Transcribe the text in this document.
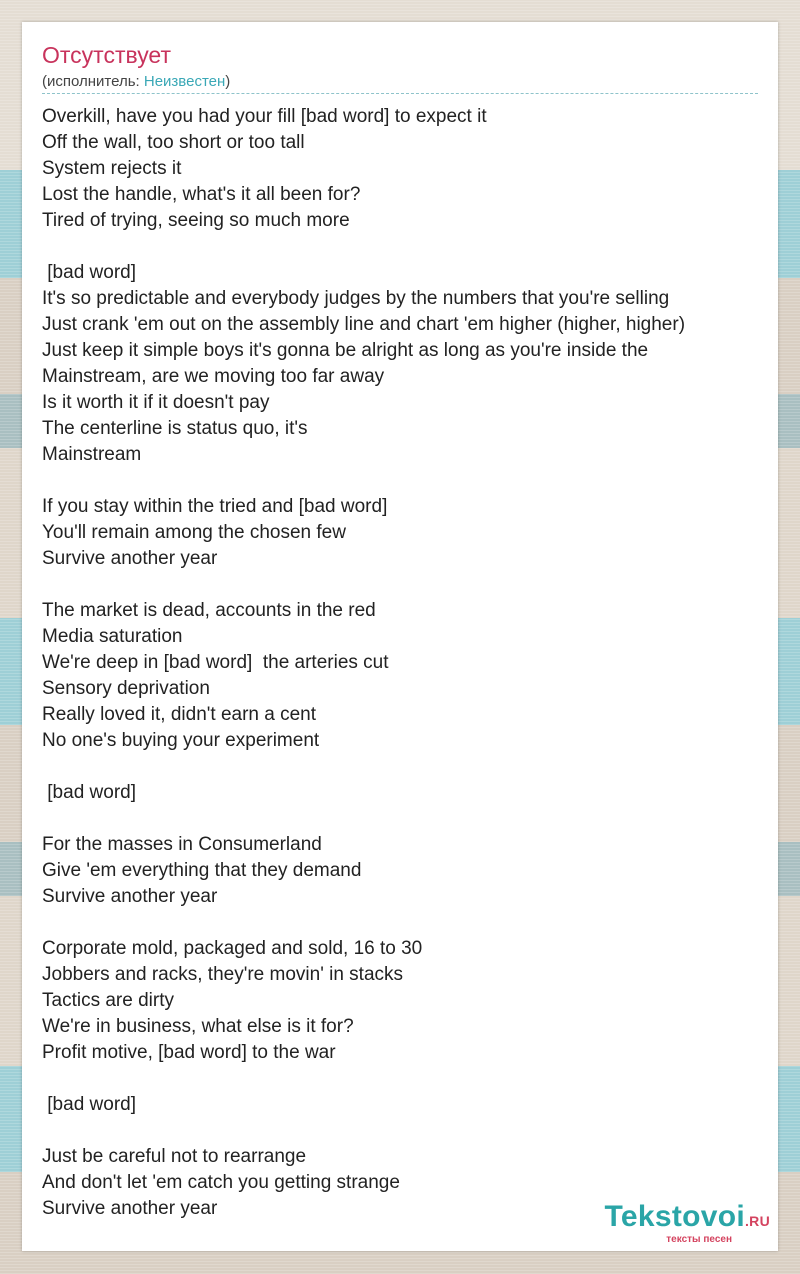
Отсутствует
(исполнитель: Неизвестен)
Overkill, have you had your fill [bad word] to expect it
Off the wall, too short or too tall
System rejects it
Lost the handle, what's it all been for?
Tired of trying, seeing so much more
[bad word]
It's so predictable and everybody judges by the numbers that you're selling
Just crank 'em out on the assembly line and chart 'em higher (higher, higher)
Just keep it simple boys it's gonna be alright as long as you're inside the
Mainstream, are we moving too far away
Is it worth it if it doesn't pay
The centerline is status quo, it's
Mainstream
If you stay within the tried and [bad word]
You'll remain among the chosen few
Survive another year
The market is dead, accounts in the red
Media saturation
We're deep in [bad word]  the arteries cut
Sensory deprivation
Really loved it, didn't earn a cent
No one's buying your experiment
[bad word]
For the masses in Consumerland
Give 'em everything that they demand
Survive another year
Corporate mold, packaged and sold, 16 to 30
Jobbers and racks, they're movin' in stacks
Tactics are dirty
We're in business, what else is it for?
Profit motive, [bad word] to the war
[bad word]
Just be careful not to rearrange
And don't let 'em catch you getting strange
Survive another year	Tekstovoi.RU
тексты песен
